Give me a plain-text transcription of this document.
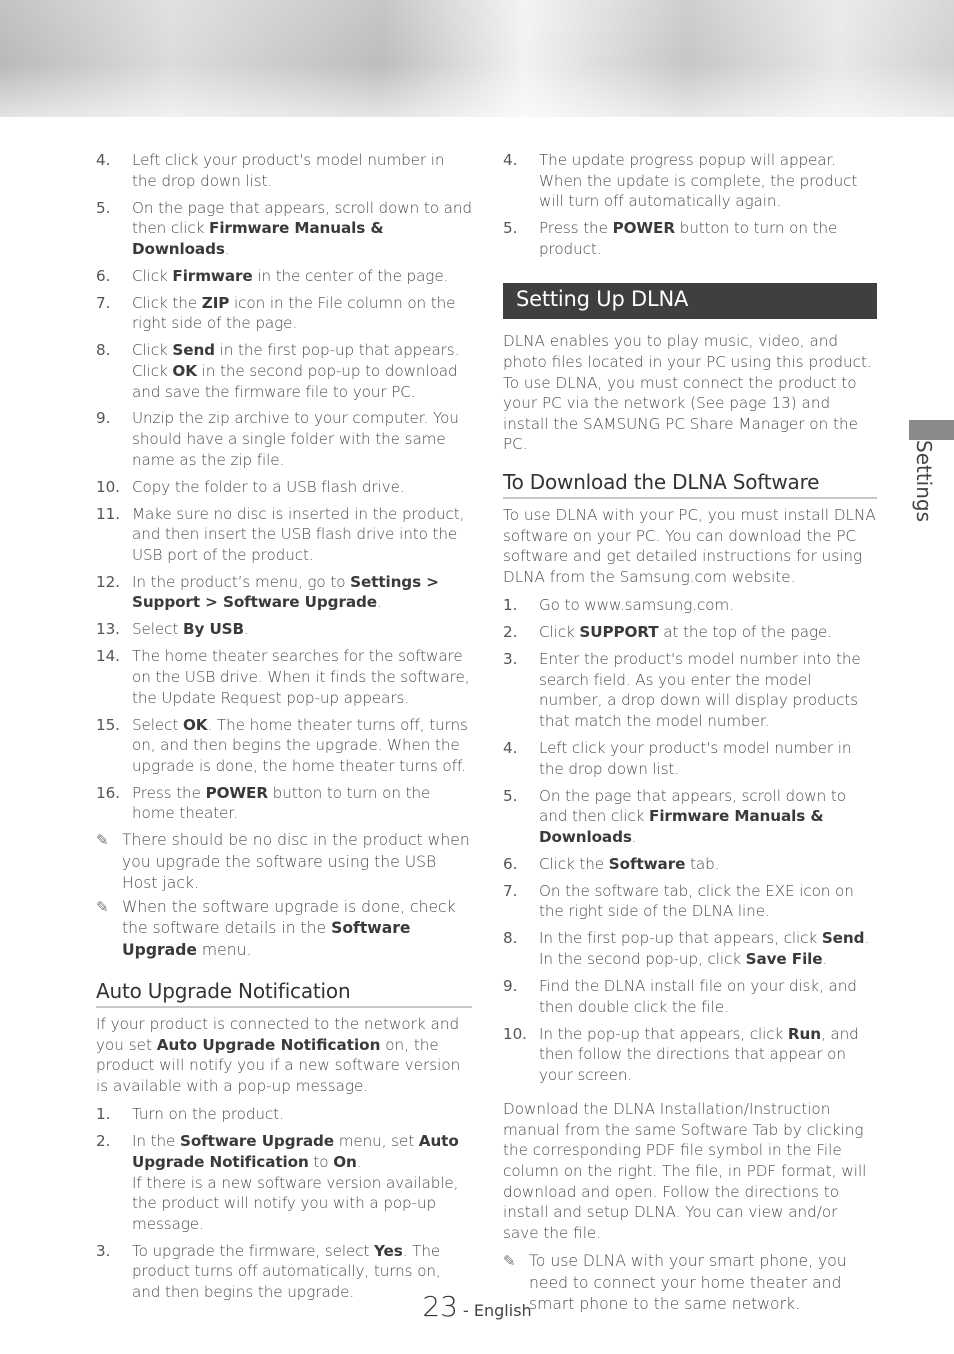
4.	Left click your product's model number in the drop down list.
5.	On the page that appears, scroll down to and then click Firmware Manuals & Downloads.
6.	Click Firmware in the center of the page.
7.	Click the ZIP icon in the File column on the right side of the page.
8.	Click Send in the first pop-up that appears. Click OK in the second pop-up to download and save the firmware file to your PC.
9.	Unzip the zip archive to your computer. You should have a single folder with the same name as the zip file.
10. Copy the folder to a USB flash drive.
11. Make sure no disc is inserted in the product, and then insert the USB flash drive into the USB port of the product.
12. In the product’s menu, go to Settings > Support > Software Upgrade.
13. Select By USB.
14. The home theater searches for the software on the USB drive. When it finds the software, the Update Request pop-up appears.
15. Select OK. The home theater turns off, turns on, and then begins the upgrade. When the upgrade is done, the home theater turns off.
16. Press the POWER button to turn on the home theater.
✎ There should be no disc in the product when you upgrade the software using the USB Host jack.
✎ When the software upgrade is done, check the software details in the Software Upgrade menu.
Auto Upgrade Notification
If your product is connected to the network and you set Auto Upgrade Notification on, the product will notify you if a new software version is available with a pop-up message.
1.	Turn on the product.
2.	In the Software Upgrade menu, set Auto Upgrade Notification to On.
If there is a new software version available, the product will notify you with a pop-up message.
3.	To upgrade the firmware, select Yes. The product turns off automatically, turns on, and then begins the upgrade.
4.	The update progress popup will appear. When the update is complete, the product will turn off automatically again.
5.	Press the POWER button to turn on the product.
Setting Up DLNA
DLNA enables you to play music, video, and photo files located in your PC using this product. To use DLNA, you must connect the product to your PC via the network (See page 13) and install the SAMSUNG PC Share Manager on the PC.
To Download the DLNA Software
To use DLNA with your PC, you must install DLNA software on your PC. You can download the PC software and get detailed instructions for using DLNA from the Samsung.com website.
1.	Go to www.samsung.com.
2.	Click SUPPORT at the top of the page.
3.	Enter the product's model number into the search field. As you enter the model number, a drop down will display products that match the model number.
4.	Left click your product's model number in the drop down list.
5.	On the page that appears, scroll down to and then click Firmware Manuals & Downloads.
6.	Click the Software tab.
7.	On the software tab, click the EXE icon on the right side of the DLNA line.
8.	In the first pop-up that appears, click Send. In the second pop-up, click Save File.
9.	Find the DLNA install file on your disk, and then double click the file.
10. In the pop-up that appears, click Run, and then follow the directions that appear on your screen.
Download the DLNA Installation/Instruction manual from the same Software Tab by clicking the corresponding PDF file symbol in the File column on the right. The file, in PDF format, will download and open. Follow the directions to install and setup DLNA. You can view and/or save the file.
✎ To use DLNA with your smart phone, you need to connect your home theater and smart phone to the same network.
Settings
23 - English
